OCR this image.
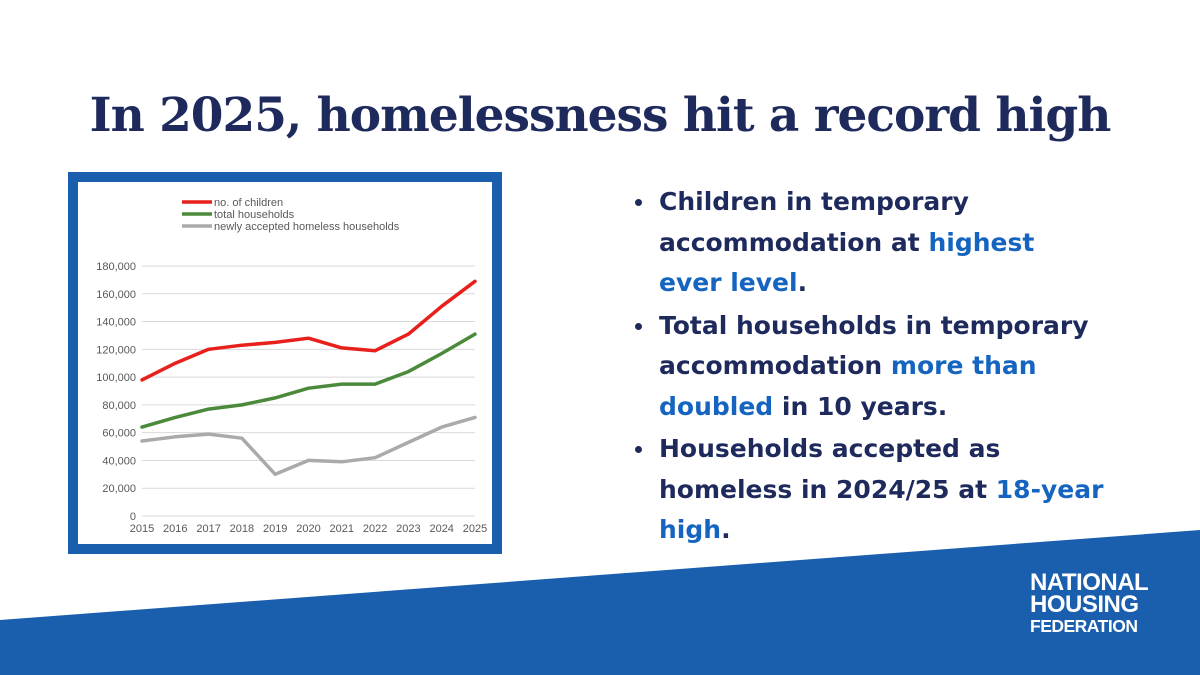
In 2025, homelessness hit a record high
0
20,000
40,000
60,000
80,000
100,000
120,000
140,000
160,000
180,000
2015 2016 2017 2018 2019 2020 2021 2022 2023 2024 2025
no. of children
total households
newly accepted homeless households
Children in temporary accommodation at highest ever level.
Total households in temporary accommodation more than doubled in 10 years.
Households accepted as homeless in 2024/25 at 18-year high.
NATIONAL
HOUSING
FEDERATION
